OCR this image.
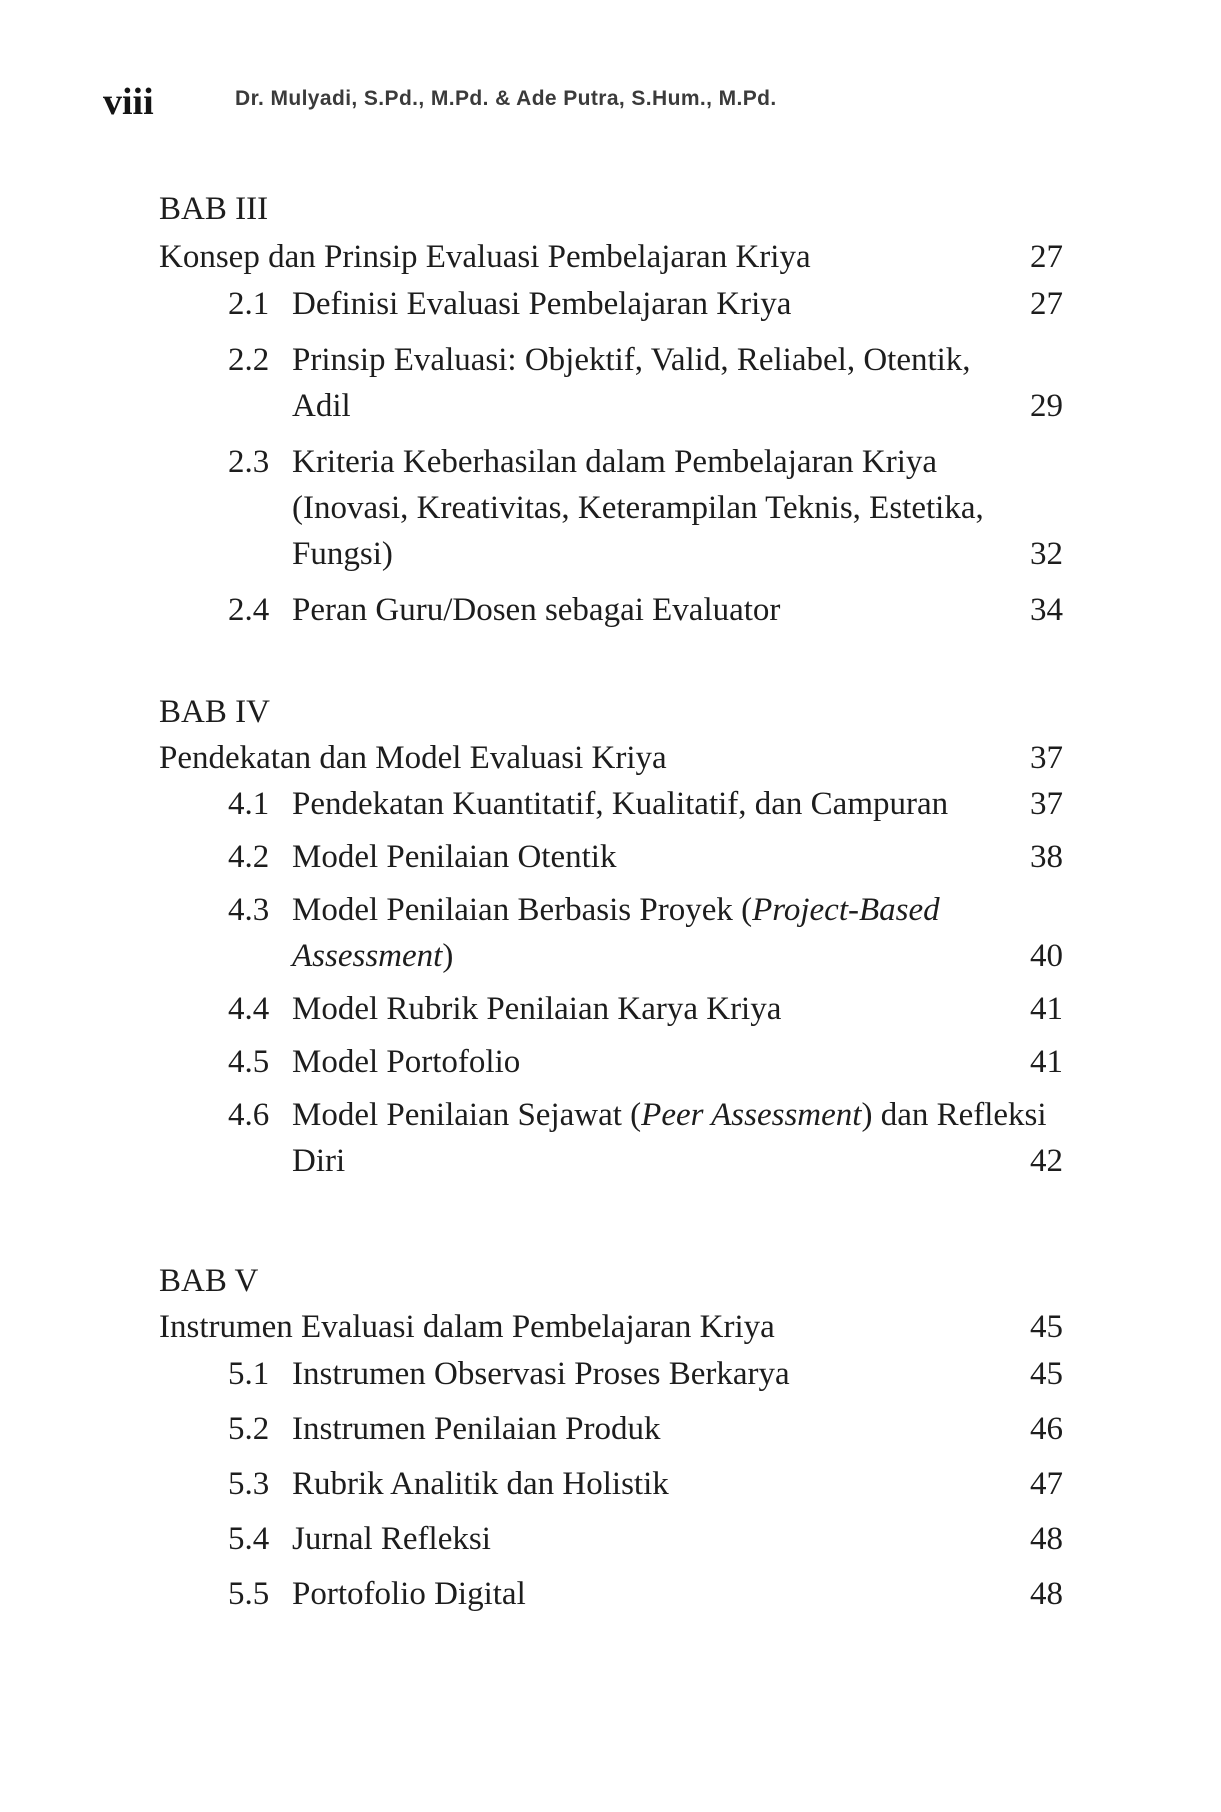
viii	Dr. Mulyadi, S.Pd., M.Pd. & Ade Putra, S.Hum., M.Pd.
BAB III
Konsep dan Prinsip Evaluasi Pembelajaran Kriya	27
2.1 Definisi Evaluasi Pembelajaran Kriya	27
2.2 Prinsip Evaluasi: Objektif, Valid, Reliabel, Otentik,
Adil	29
2.3 Kriteria Keberhasilan dalam Pembelajaran Kriya
(Inovasi, Kreativitas, Keterampilan Teknis, Estetika,
Fungsi)	32
2.4 Peran Guru/Dosen sebagai Evaluator	34
BAB IV
Pendekatan dan Model Evaluasi Kriya	37
4.1 Pendekatan Kuantitatif, Kualitatif, dan Campuran	37
4.2 Model Penilaian Otentik	38
4.3 Model Penilaian Berbasis Proyek (Project-Based
Assessment)	40
4.4 Model Rubrik Penilaian Karya Kriya	41
4.5 Model Portofolio	41
4.6 Model Penilaian Sejawat (Peer Assessment) dan Refleksi
Diri	42
BAB V
Instrumen Evaluasi dalam Pembelajaran Kriya	45
5.1 Instrumen Observasi Proses Berkarya	45
5.2 Instrumen Penilaian Produk	46
5.3 Rubrik Analitik dan Holistik	47
5.4 Jurnal Refleksi	48
5.5 Portofolio Digital	48
